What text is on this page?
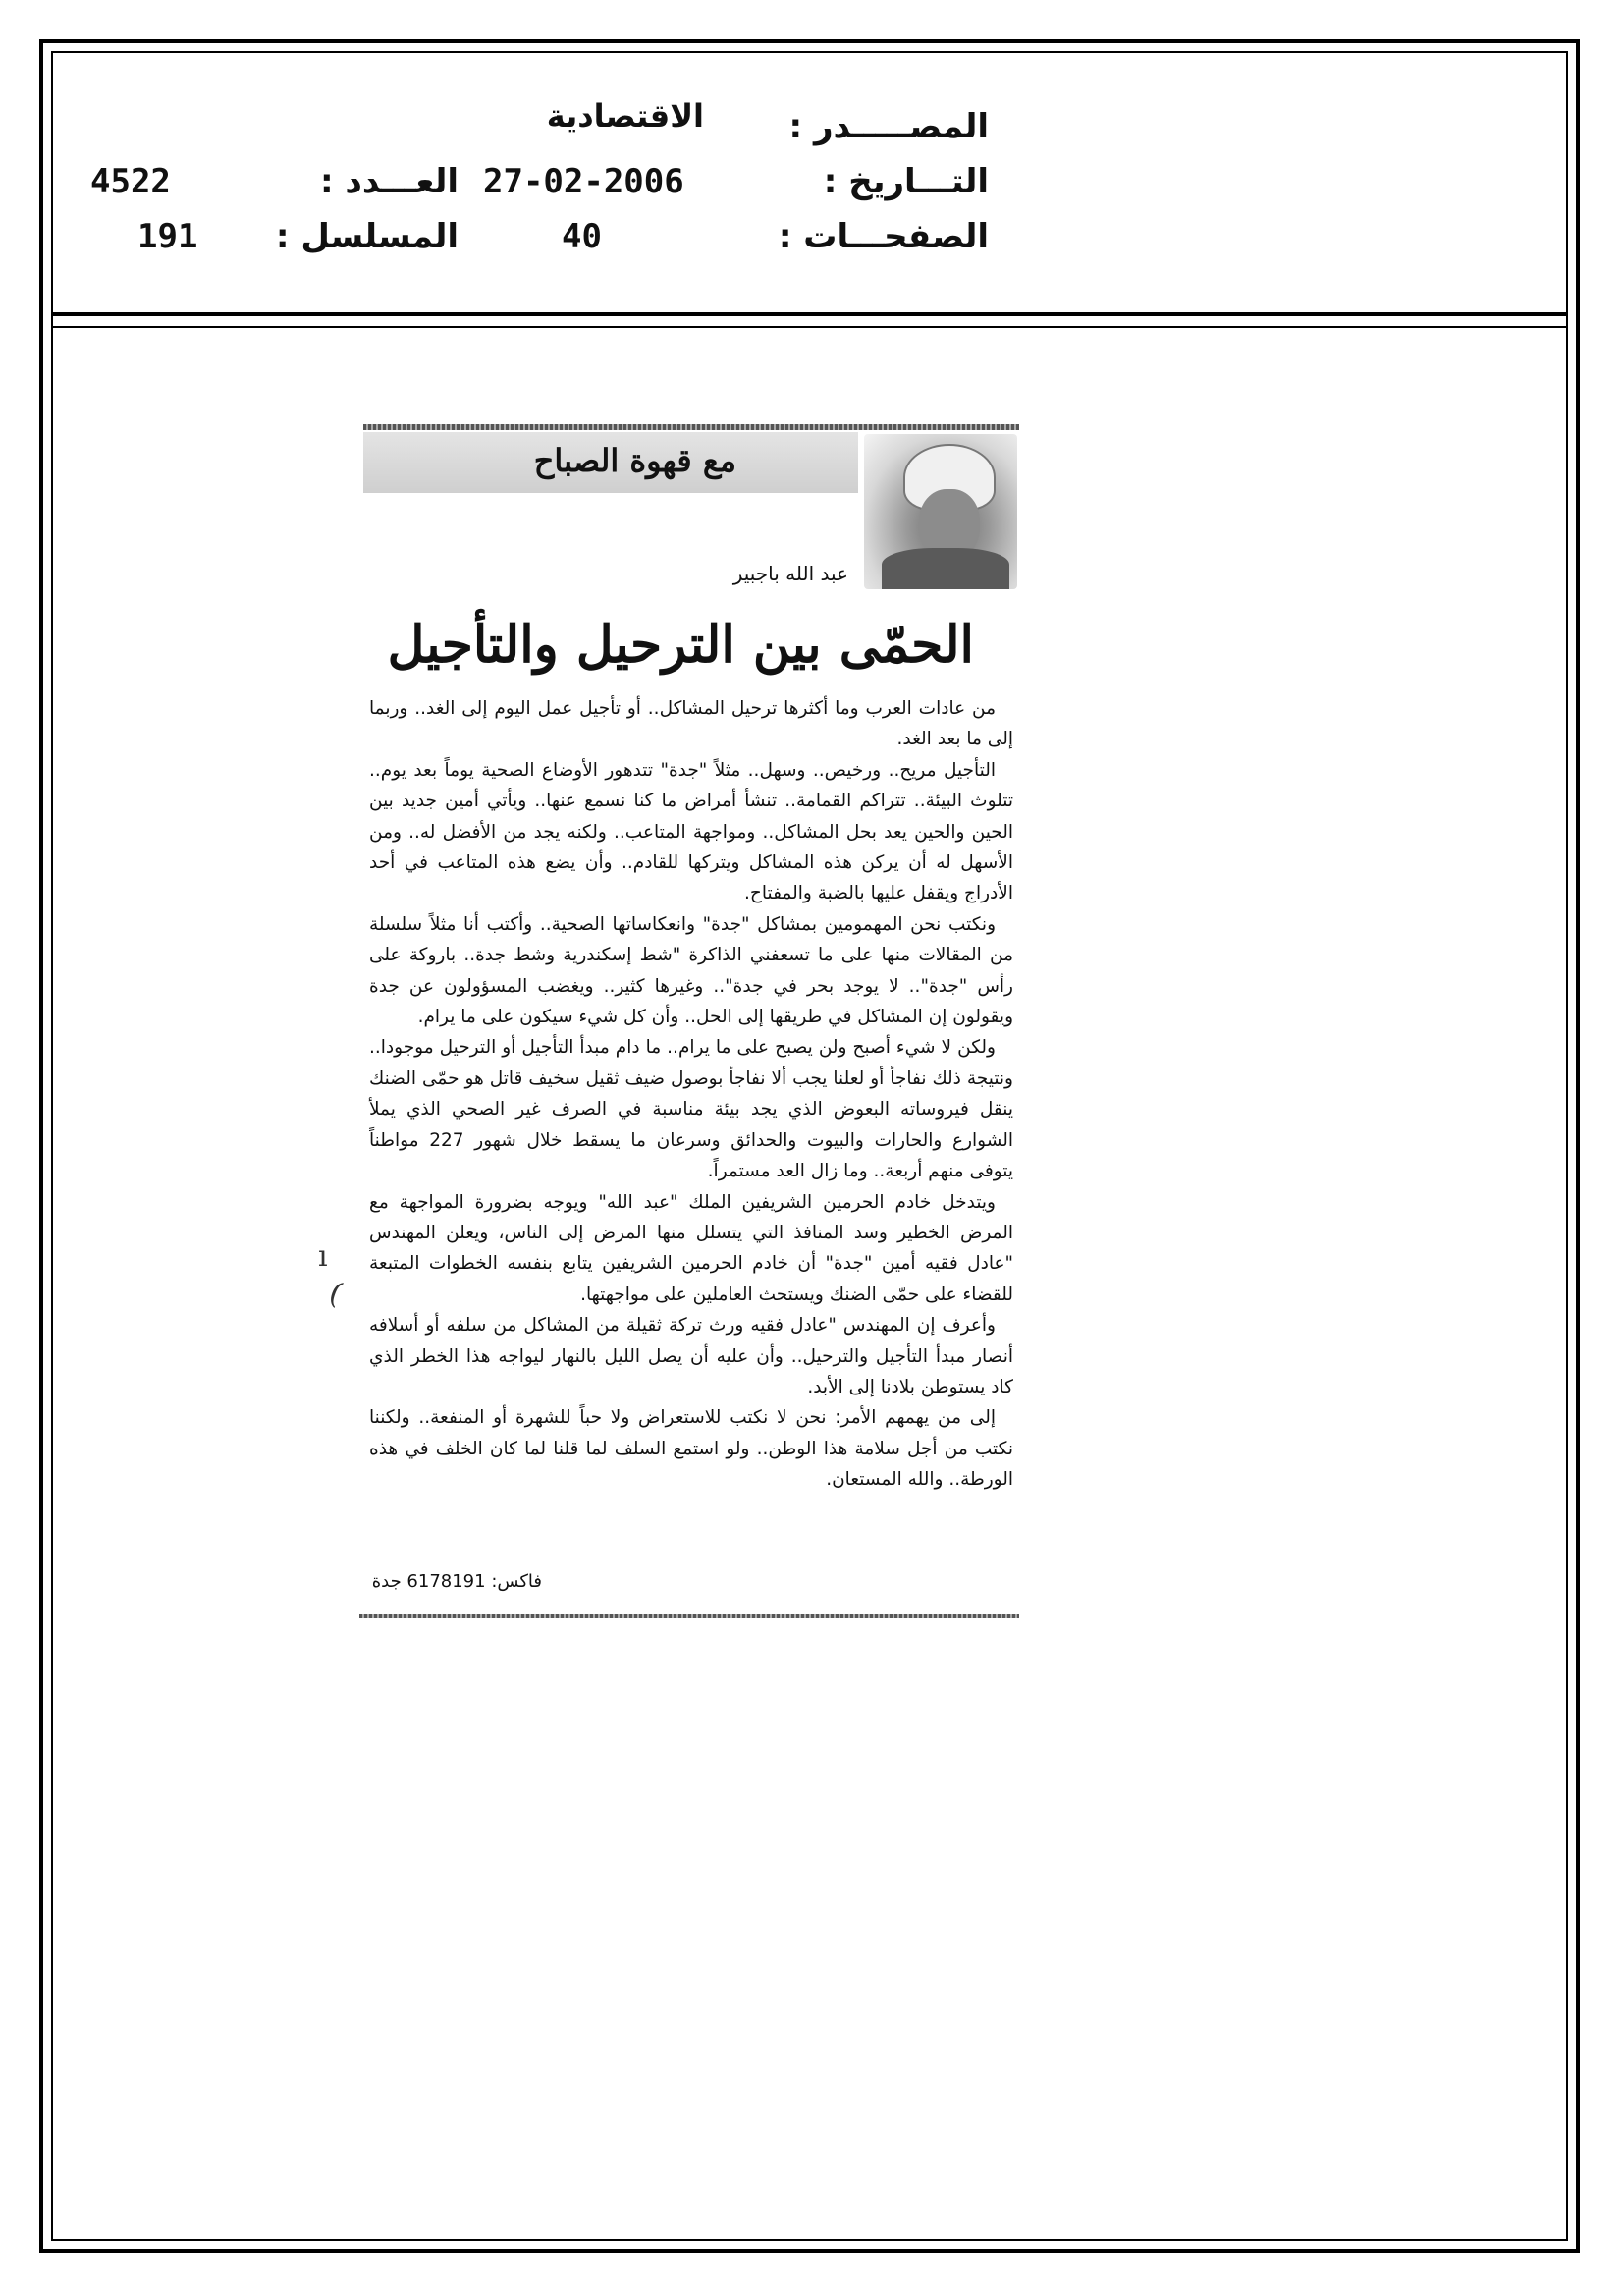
المصـــــدر :
التـــاريخ :
الصفحـــات :
الاقتصادية
27-02-2006
40
العـــدد :
المسلسل :
4522
191
مع قهوة الصباح
عبد الله باجبير
الحمّى بين الترحيل والتأجيل

من عادات العرب وما أكثرها ترحيل المشاكل.. أو تأجيل عمل اليوم إلى الغد.. وربما إلى ما بعد الغد.

التأجيل مريح.. ورخيص.. وسهل.. مثلاً "جدة" تتدهور الأوضاع الصحية يوماً بعد يوم.. تتلوث البيئة.. تتراكم القمامة.. تنشأ أمراض ما كنا نسمع عنها.. ويأتي أمين جديد بين الحين والحين يعد بحل المشاكل.. ومواجهة المتاعب.. ولكنه يجد من الأفضل له.. ومن الأسهل له أن يركن هذه المشاكل ويتركها للقادم.. وأن يضع هذه المتاعب في أحد الأدراج ويقفل عليها بالضبة والمفتاح.

ونكتب نحن المهمومين بمشاكل "جدة" وانعكاساتها الصحية.. وأكتب أنا مثلاً سلسلة من المقالات منها على ما تسعفني الذاكرة "شط إسكندرية وشط جدة.. باروكة على رأس "جدة".. لا يوجد بحر في جدة".. وغيرها كثير.. ويغضب المسؤولون عن جدة ويقولون إن المشاكل في طريقها إلى الحل.. وأن كل شيء سيكون على ما يرام.

ولكن لا شيء أصبح ولن يصبح على ما يرام.. ما دام مبدأ التأجيل أو الترحيل موجودا.. ونتيجة ذلك نفاجأ أو لعلنا يجب ألا نفاجأ بوصول ضيف ثقيل سخيف قاتل هو حمّى الضنك ينقل فيروساته البعوض الذي يجد بيئة مناسبة في الصرف غير الصحي الذي يملأ الشوارع والحارات والبيوت والحدائق وسرعان ما يسقط خلال شهور 227 مواطناً يتوفى منهم أربعة.. وما زال العد مستمراً.

ويتدخل خادم الحرمين الشريفين الملك "عبد الله" ويوجه بضرورة المواجهة مع المرض الخطير وسد المنافذ التي يتسلل منها المرض إلى الناس، ويعلن المهندس "عادل فقيه أمين "جدة" أن خادم الحرمين الشريفين يتابع بنفسه الخطوات المتبعة للقضاء على حمّى الضنك ويستحث العاملين على مواجهتها.

وأعرف إن المهندس "عادل فقيه ورث تركة ثقيلة من المشاكل من سلفه أو أسلافه أنصار مبدأ التأجيل والترحيل.. وأن عليه أن يصل الليل بالنهار ليواجه هذا الخطر الذي كاد يستوطن بلادنا إلى الأبد.

إلى من يهمهم الأمر: نحن لا نكتب للاستعراض ولا حباً للشهرة أو المنفعة.. ولكننا نكتب من أجل سلامة هذا الوطن.. ولو استمع السلف لما قلنا لما كان الخلف في هذه الورطة.. والله المستعان.

فاكس: 6178191 جدة
ı
(
